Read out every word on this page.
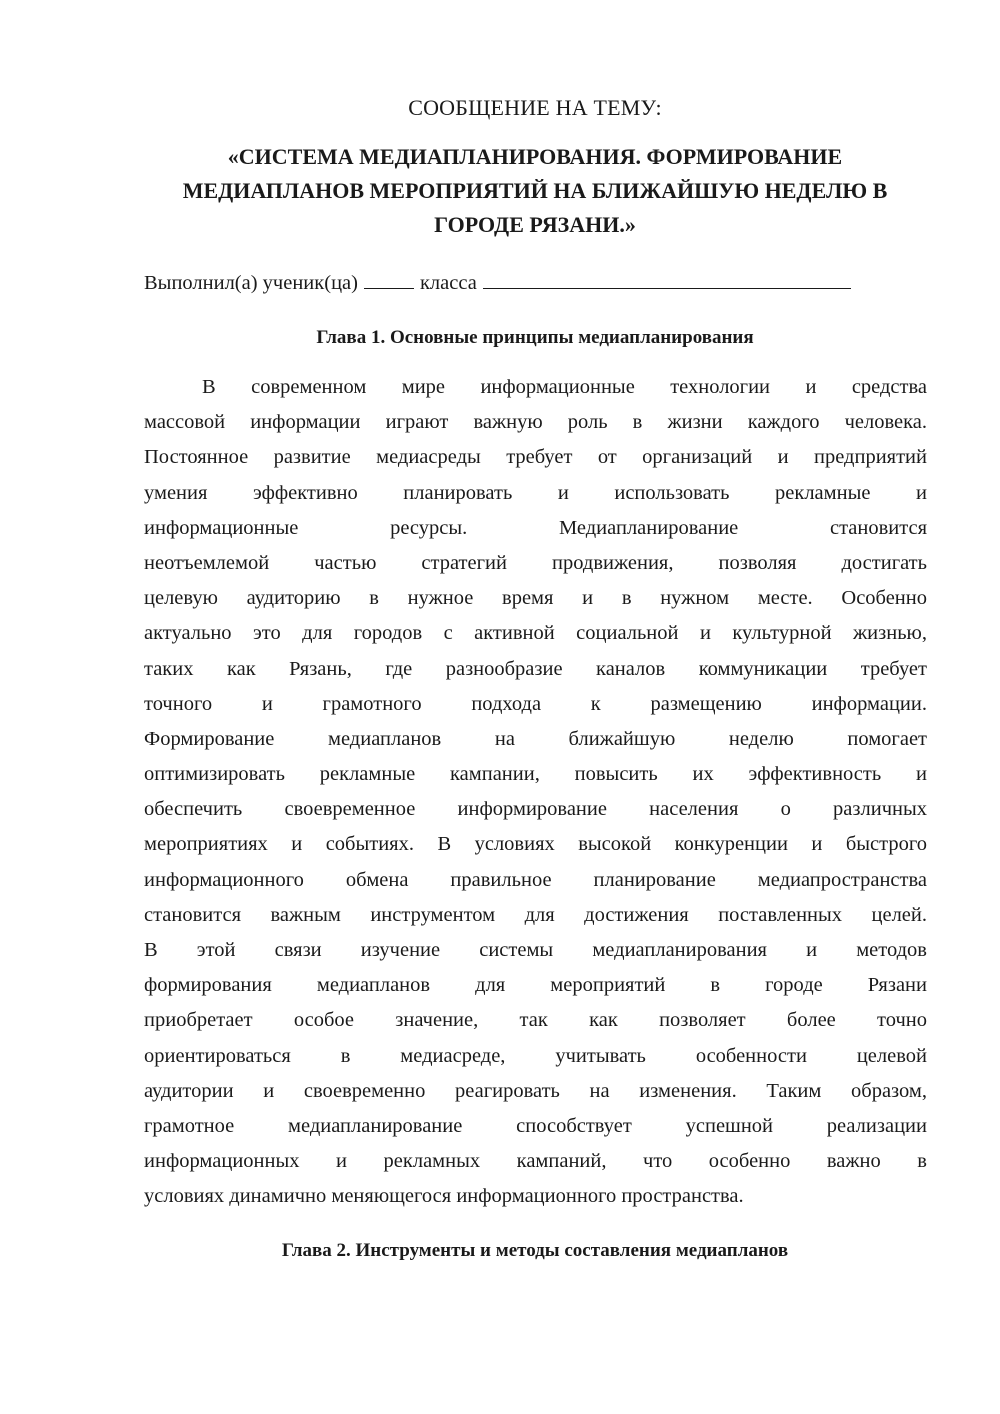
СООБЩЕНИЕ НА ТЕМУ:
«СИСТЕМА МЕДИАПЛАНИРОВАНИЯ. ФОРМИРОВАНИЕ
МЕДИАПЛАНОВ МЕРОПРИЯТИЙ НА БЛИЖАЙШУЮ НЕДЕЛЮ В
ГОРОДЕ РЯЗАНИ.»
Выполнил(а) ученик(ца)	класса
Глава 1. Основные принципы медиапланирования
В современном мире информационные технологии и средства
массовой информации играют важную роль в жизни каждого человека.
Постоянное развитие медиасреды требует от организаций и предприятий
умения эффективно планировать и использовать рекламные и
информационные ресурсы. Медиапланирование становится
неотъемлемой частью стратегий продвижения, позволяя достигать
целевую аудиторию в нужное время и в нужном месте. Особенно
актуально это для городов с активной социальной и культурной жизнью,
таких как Рязань, где разнообразие каналов коммуникации требует
точного и грамотного подхода к размещению информации.
Формирование медиапланов на ближайшую неделю помогает
оптимизировать рекламные кампании, повысить их эффективность и
обеспечить своевременное информирование населения о различных
мероприятиях и событиях. В условиях высокой конкуренции и быстрого
информационного обмена правильное планирование медиапространства
становится важным инструментом для достижения поставленных целей.
В этой связи изучение системы медиапланирования и методов
формирования медиапланов для мероприятий в городе Рязани
приобретает особое значение, так как позволяет более точно
ориентироваться в медиасреде, учитывать особенности целевой
аудитории и своевременно реагировать на изменения. Таким образом,
грамотное медиапланирование способствует успешной реализации
информационных и рекламных кампаний, что особенно важно в
условиях динамично меняющегося информационного пространства.
Глава 2. Инструменты и методы составления медиапланов
